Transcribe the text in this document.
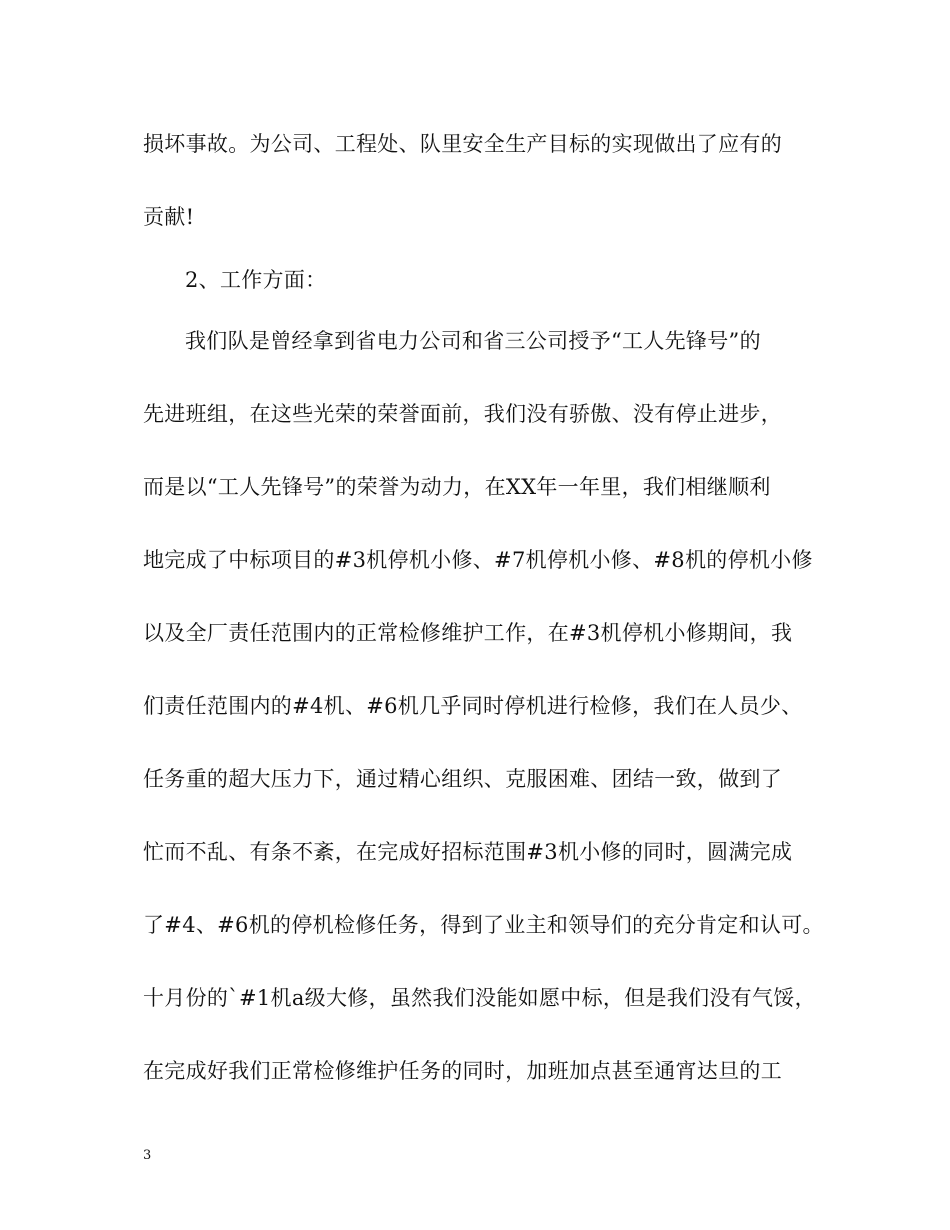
损坏事故。为公司、工程处、队里安全生产目标的实现做出了应有的
贡献!
2、工作方面：
我们队是曾经拿到省电力公司和省三公司授予“工人先锋号”的
先进班组，在这些光荣的荣誉面前，我们没有骄傲、没有停止进步，
而是以“工人先锋号”的荣誉为动力，在XX年一年里，我们相继顺利
地完成了中标项目的#3机停机小修、#7机停机小修、#8机的停机小修
以及全厂责任范围内的正常检修维护工作，在#3机停机小修期间，我
们责任范围内的#4机、#6机几乎同时停机进行检修，我们在人员少、
任务重的超大压力下，通过精心组织、克服困难、团结一致，做到了
忙而不乱、有条不紊，在完成好招标范围#3机小修的同时，圆满完成
了#4、#6机的停机检修任务，得到了业主和领导们的充分肯定和认可。
十月份的`#1机a级大修，虽然我们没能如愿中标，但是我们没有气馁，
在完成好我们正常检修维护任务的同时，加班加点甚至通宵达旦的工
3
